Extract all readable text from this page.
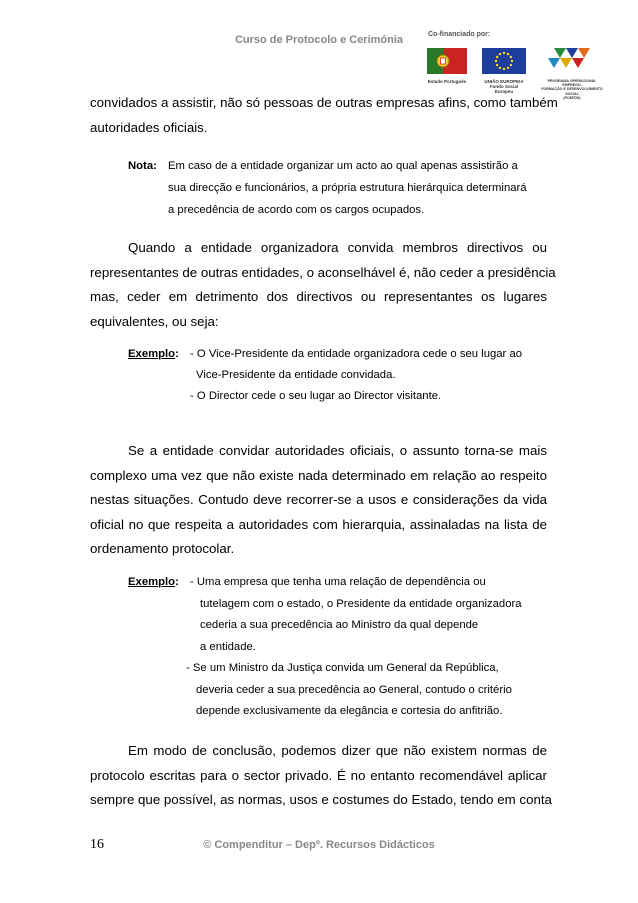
Curso de Protocolo e Cerimónia	Co-financiado por:
Estado Português	UNIÃO EUROPEIA
Fundo Social Europeu
PROGRAMA OPERACIONAL EMPREGO,
FORMAÇÃO E DESENVOLVIMENTO SOCIAL
(POEFDS)
convidados a assistir, não só pessoas de outras empresas afins, como também
autoridades oficiais.
Nota: Em caso de a entidade organizar um acto ao qual apenas assistirão a
sua direcção e funcionários, a própria estrutura hierárquica determinará
a precedência de acordo com os cargos ocupados.
Quando a entidade organizadora convida membros directivos ou
representantes de outras entidades, o aconselhável é, não ceder a presidência
mas, ceder em detrimento dos directivos ou representantes os lugares
equivalentes, ou seja:
Exemplo: - O Vice-Presidente da entidade organizadora cede o seu lugar ao
Vice-Presidente da entidade convidada.
- O Director cede o seu lugar ao Director visitante.
Se a entidade convidar autoridades oficiais, o assunto torna-se mais
complexo uma vez que não existe nada determinado em relação ao respeito
nestas situações. Contudo deve recorrer-se a usos e considerações da vida
oficial no que respeita a autoridades com hierarquia, assinaladas na lista de
ordenamento protocolar.
Exemplo: - Uma empresa que tenha uma relação de dependência ou
tutelagem com o estado, o Presidente da entidade organizadora
cederia a sua precedência ao Ministro da qual depende
a entidade.
- Se um Ministro da Justiça convida um General da República,
deveria ceder a sua precedência ao General, contudo o critério
depende exclusivamente da elegância e cortesia do anfitrião.
Em modo de conclusão, podemos dizer que não existem normas de
protocolo escritas para o sector privado. É no entanto recomendável aplicar
sempre que possível, as normas, usos e costumes do Estado, tendo em conta
16	© Compenditur – Depº. Recursos Didácticos
